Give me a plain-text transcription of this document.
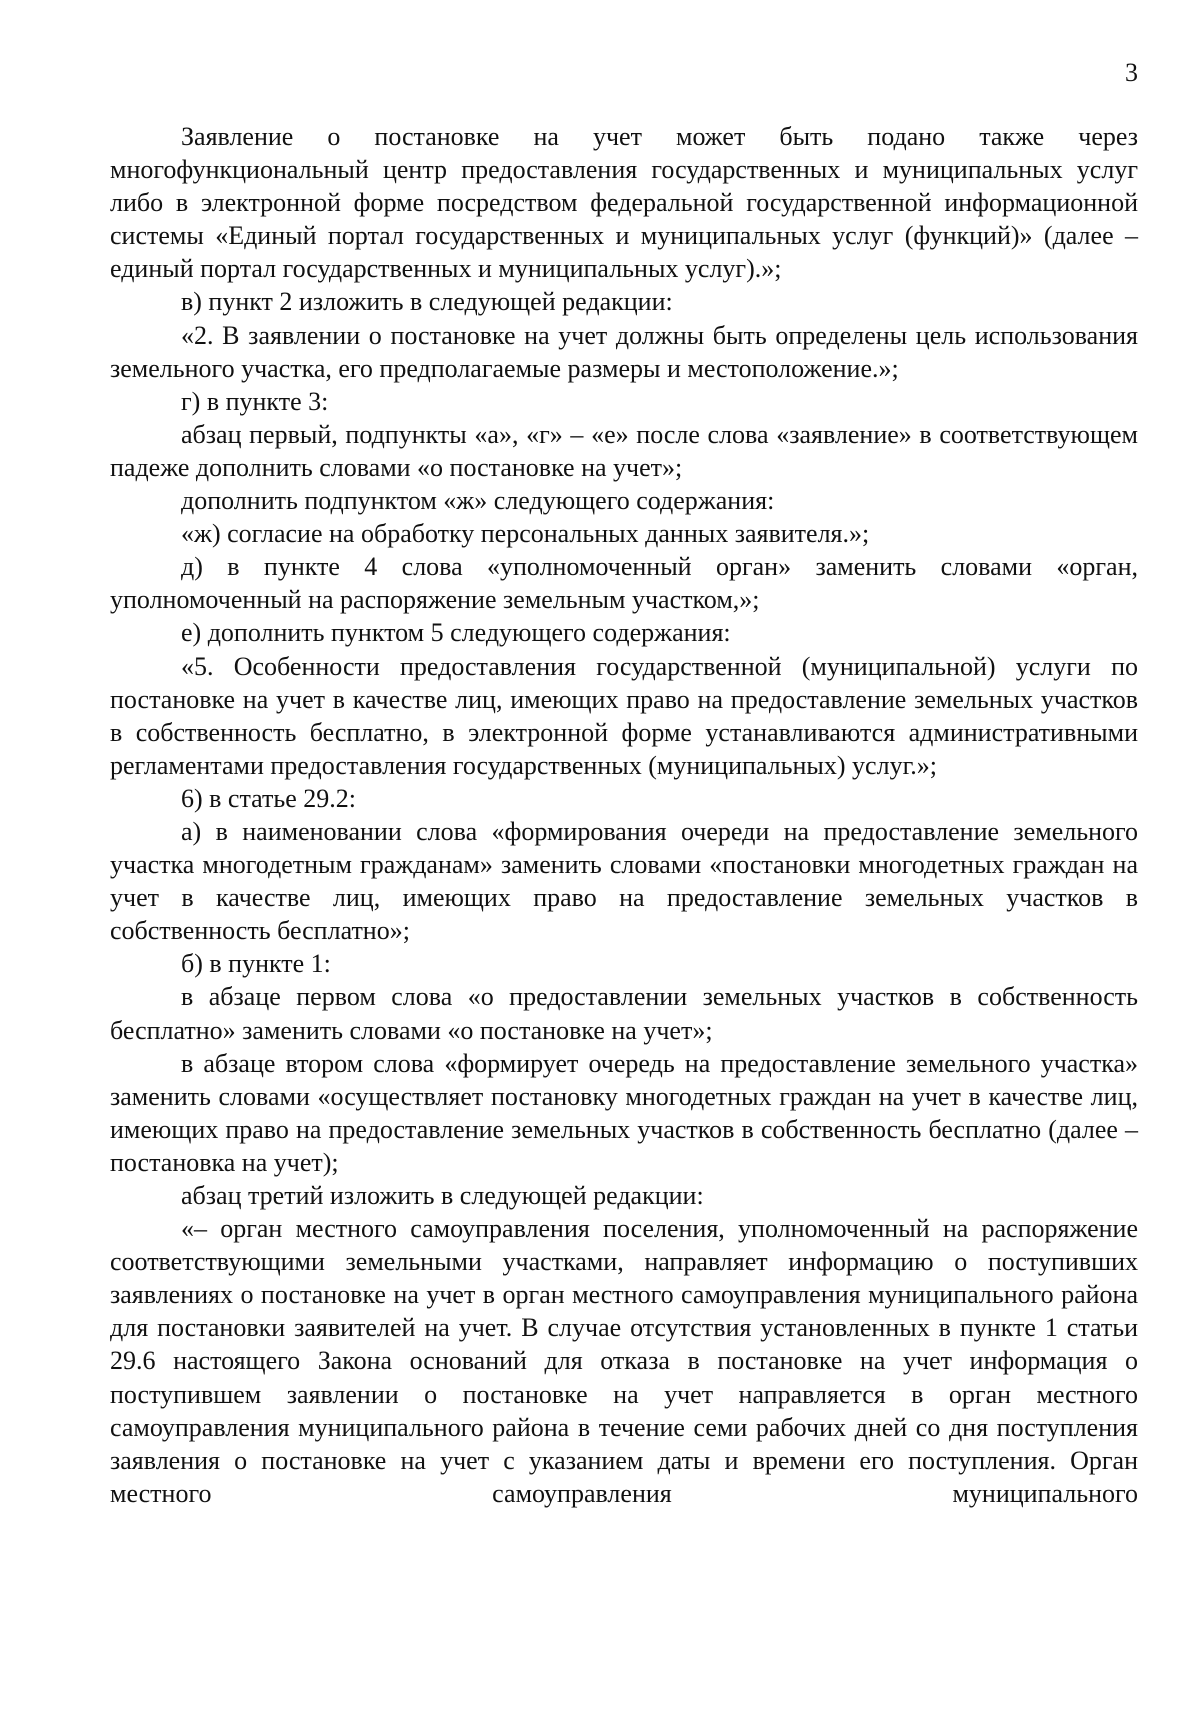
3

Заявление о постановке на учет может быть подано также через многофункциональный центр предоставления государственных и муниципальных услуг либо в электронной форме посредством федеральной государственной информационной системы «Единый портал государственных и муниципальных услуг (функций)» (далее – единый портал государственных и муниципальных услуг).»;

в) пункт 2 изложить в следующей редакции:

«2. В заявлении о постановке на учет должны быть определены цель использования земельного участка, его предполагаемые размеры и местоположение.»;

г) в пункте 3:

абзац первый, подпункты «а», «г» – «е» после слова «заявление» в соответствующем падеже дополнить словами «о постановке на учет»;

дополнить подпунктом «ж» следующего содержания:

«ж) согласие на обработку персональных данных заявителя.»;

д) в пункте 4 слова «уполномоченный орган» заменить словами «орган, уполномоченный на распоряжение земельным участком,»;

е) дополнить пунктом 5 следующего содержания:

«5. Особенности предоставления государственной (муниципальной) услуги по постановке на учет в качестве лиц, имеющих право на предоставление земельных участков в собственность бесплатно, в электронной форме устанавливаются административными регламентами предоставления государственных (муниципальных) услуг.»;

6) в статье 29.2:

а) в наименовании слова «формирования очереди на предоставление земельного участка многодетным гражданам» заменить словами «постановки многодетных граждан на учет в качестве лиц, имеющих право на предоставление земельных участков в собственность бесплатно»;

б) в пункте 1:

в абзаце первом слова «о предоставлении земельных участков в собственность бесплатно» заменить словами «о постановке на учет»;

в абзаце втором слова «формирует очередь на предоставление земельного участка» заменить словами «осуществляет постановку многодетных граждан на учет в качестве лиц, имеющих право на предоставление земельных участков в собственность бесплатно (далее – постановка на учет);

абзац третий изложить в следующей редакции:

«– орган местного самоуправления поселения, уполномоченный на распоряжение соответствующими земельными участками, направляет информацию о поступивших заявлениях о постановке на учет в орган местного самоуправления муниципального района для постановки заявителей на учет. В случае отсутствия установленных в пункте 1 статьи 29.6 настоящего Закона оснований для отказа в постановке на учет информация о поступившем заявлении о постановке на учет направляется в орган местного самоуправления муниципального района в течение семи рабочих дней со дня поступления заявления о постановке на учет с указанием даты и времени его поступления. Орган местного самоуправления муниципального
